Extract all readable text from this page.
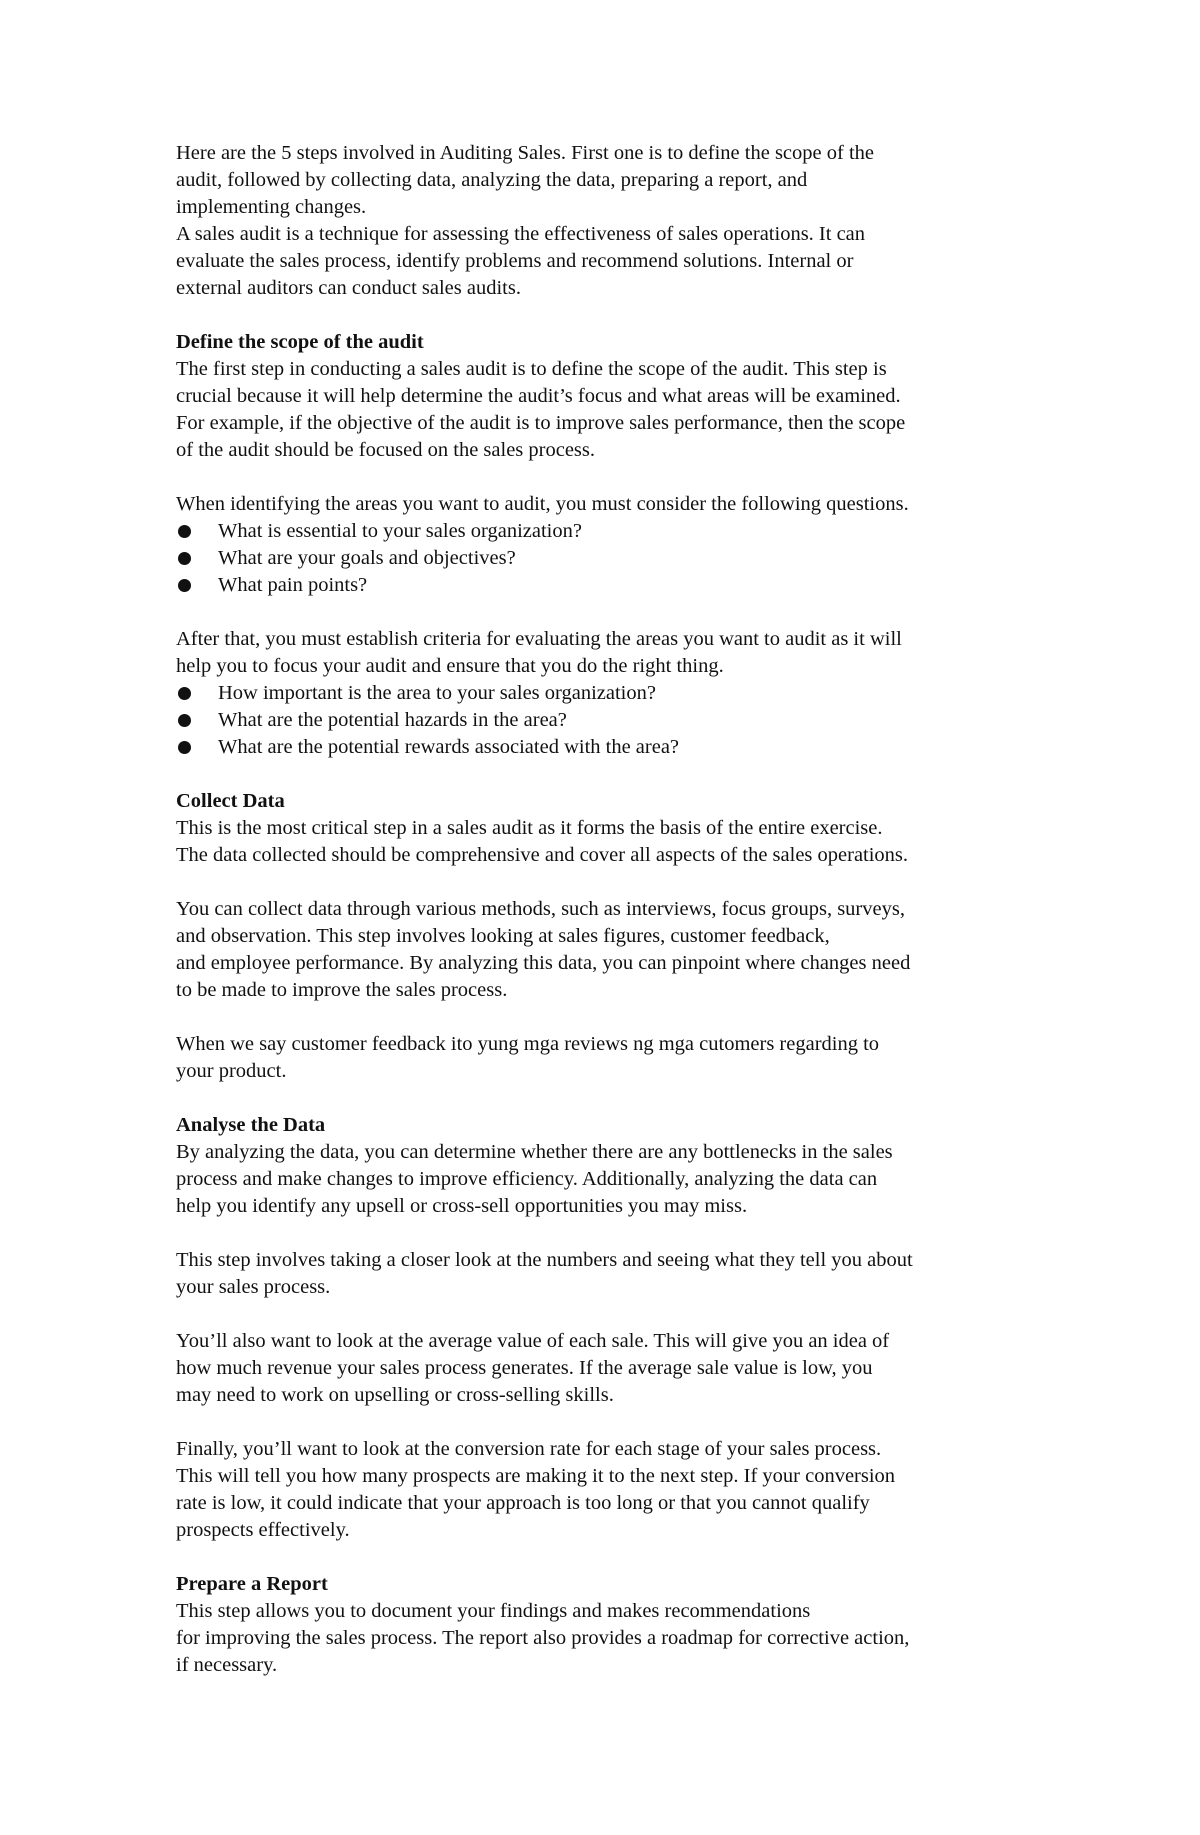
Here are the 5 steps involved in Auditing Sales. First one is to define the scope of the
audit, followed by collecting data, analyzing the data, preparing a report, and
implementing changes.
A sales audit is a technique for assessing the effectiveness of sales operations. It can
evaluate the sales process, identify problems and recommend solutions. Internal or
external auditors can conduct sales audits.
Define the scope of the audit
The first step in conducting a sales audit is to define the scope of the audit. This step is
crucial because it will help determine the audit’s focus and what areas will be examined.
For example, if the objective of the audit is to improve sales performance, then the scope
of the audit should be focused on the sales process.
When identifying the areas you want to audit, you must consider the following questions.
What is essential to your sales organization?
What are your goals and objectives?
What pain points?
After that, you must establish criteria for evaluating the areas you want to audit as it will
help you to focus your audit and ensure that you do the right thing.
How important is the area to your sales organization?
What are the potential hazards in the area?
What are the potential rewards associated with the area?
Collect Data
This is the most critical step in a sales audit as it forms the basis of the entire exercise.
The data collected should be comprehensive and cover all aspects of the sales operations.
You can collect data through various methods, such as interviews, focus groups, surveys,
and observation. This step involves looking at sales figures, customer feedback,
and employee performance. By analyzing this data, you can pinpoint where changes need
to be made to improve the sales process.
When we say customer feedback ito yung mga reviews ng mga cutomers regarding to
your product.
Analyse the Data
By analyzing the data, you can determine whether there are any bottlenecks in the sales
process and make changes to improve efficiency. Additionally, analyzing the data can
help you identify any upsell or cross-sell opportunities you may miss.
This step involves taking a closer look at the numbers and seeing what they tell you about
your sales process.
You’ll also want to look at the average value of each sale. This will give you an idea of
how much revenue your sales process generates. If the average sale value is low, you
may need to work on upselling or cross-selling skills.
Finally, you’ll want to look at the conversion rate for each stage of your sales process.
This will tell you how many prospects are making it to the next step. If your conversion
rate is low, it could indicate that your approach is too long or that you cannot qualify
prospects effectively.
Prepare a Report
This step allows you to document your findings and makes recommendations
for improving the sales process. The report also provides a roadmap for corrective action,
if necessary.
